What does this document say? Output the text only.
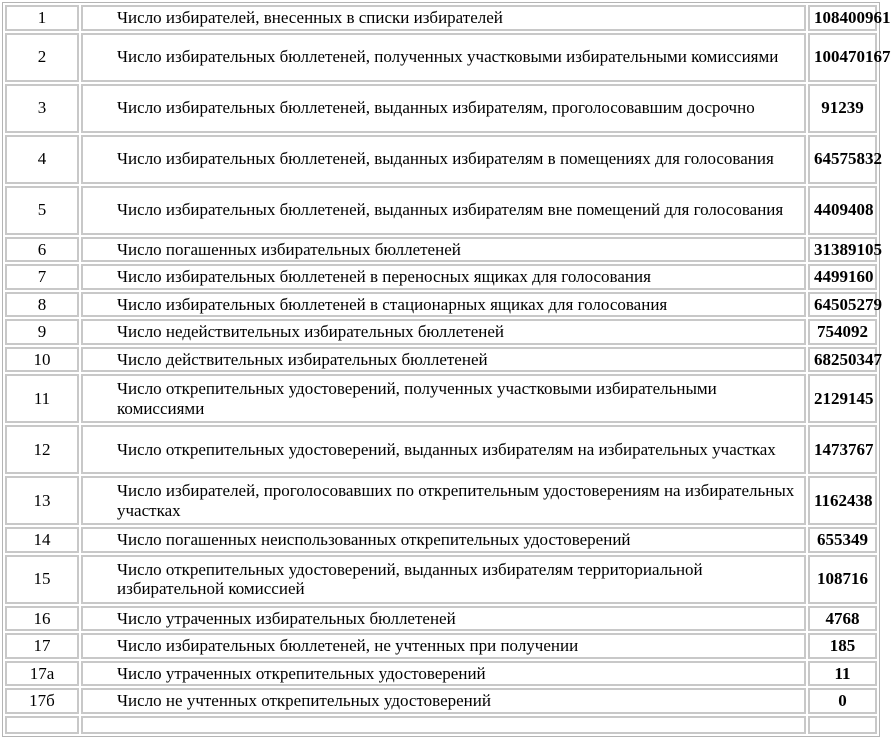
1	Число избирателей, внесенных в списки избирателей	108400961
2	Число избирательных бюллетеней, полученных участковыми избирательными комиссиями	100470167
3	Число избирательных бюллетеней, выданных избирателям, проголосовавшим досрочно	91239
4	Число избирательных бюллетеней, выданных избирателям в помещениях для голосования	64575832
5	Число избирательных бюллетеней, выданных избирателям вне помещений для голосования	4409408
6	Число погашенных избирательных бюллетеней	31389105
7	Число избирательных бюллетеней в переносных ящиках для голосования	4499160
8	Число избирательных бюллетеней в стационарных ящиках для голосования	64505279
9	Число недействительных избирательных бюллетеней	754092
10	Число действительных избирательных бюллетеней	68250347
11	Число открепительных удостоверений, полученных участковыми избирательными комиссиями	2129145
12	Число открепительных удостоверений, выданных избирателям на избирательных участках	1473767
13	Число избирателей, проголосовавших по открепительным удостоверениям на избирательных участках	1162438
14	Число погашенных неиспользованных открепительных удостоверений	655349
15	Число открепительных удостоверений, выданных избирателям территориальной избирательной комиссией	108716
16	Число утраченных избирательных бюллетеней	4768
17	Число избирательных бюллетеней, не учтенных при получении	185
17а	Число утраченных открепительных удостоверений	11
17б	Число не учтенных открепительных удостоверений	0
